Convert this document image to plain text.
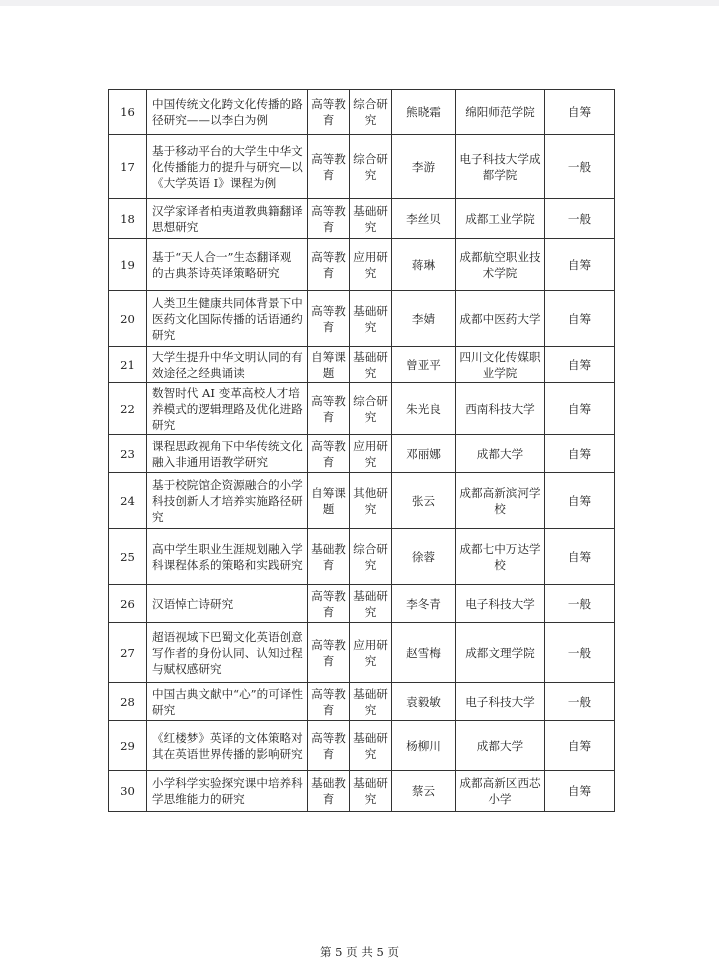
16	中国传统文化跨文化传播的路径研究——以李白为例	高等教育	综合研究	熊晓霜	绵阳师范学院	自筹
17	基于移动平台的大学生中华文化传播能力的提升与研究—以《大学英语 I》课程为例	高等教育	综合研究	李游	电子科技大学成都学院	一般
18	汉学家译者柏夷道教典籍翻译思想研究	高等教育	基础研究	李丝贝	成都工业学院	一般
19	基于“天人合一”生态翻译观 的古典茶诗英译策略研究	高等教育	应用研究	蒋琳	成都航空职业技术学院	自筹
20	人类卫生健康共同体背景下中医药文化国际传播的话语通约研究	高等教育	基础研究	李婧	成都中医药大学	自筹
21	大学生提升中华文明认同的有效途径之经典诵读	自筹课题	基础研究	曾亚平	四川文化传媒职业学院	自筹
22	数智时代 AI 变革高校人才培养模式的逻辑理路及优化进路研究	高等教育	综合研究	朱光良	西南科技大学	自筹
23	课程思政视角下中华传统文化融入非通用语教学研究	高等教育	应用研究	邓丽娜	成都大学	自筹
24	基于校院馆企资源融合的小学科技创新人才培养实施路径研究	自筹课题	其他研究	张云	成都高新滨河学校	自筹
25	高中学生职业生涯规划融入学科课程体系的策略和实践研究	基础教育	综合研究	徐蓉	成都七中万达学校	自筹
26	汉语悼亡诗研究	高等教育	基础研究	李冬青	电子科技大学	一般
27	超语视域下巴蜀文化英语创意写作者的身份认同、认知过程与赋权感研究	高等教育	应用研究	赵雪梅	成都文理学院	一般
28	中国古典文献中“心”的可译性研究	高等教育	基础研究	袁毅敏	电子科技大学	一般
29	《红楼梦》英译的文体策略对其在英语世界传播的影响研究	高等教育	基础研究	杨柳川	成都大学	自筹
30	小学科学实验探究课中培养科学思维能力的研究	基础教育	基础研究	蔡云	成都高新区西芯小学	自筹
第 5 页 共 5 页
